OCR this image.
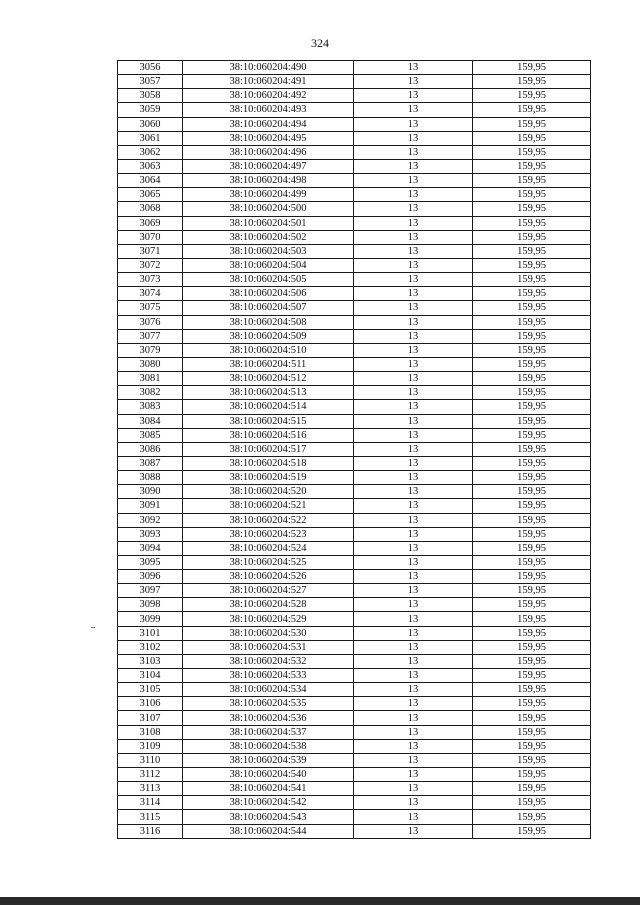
324
3056	38:10:060204:490	13	159,95
3057	38:10:060204:491	13	159,95
3058	38:10:060204:492	13	159,95
3059	38:10:060204:493	13	159,95
3060	38:10:060204:494	13	159,95
3061	38:10:060204:495	13	159,95
3062	38:10:060204:496	13	159,95
3063	38:10:060204:497	13	159,95
3064	38:10:060204:498	13	159,95
3065	38:10:060204:499	13	159,95
3068	38:10:060204:500	13	159,95
3069	38:10:060204:501	13	159,95
3070	38:10:060204:502	13	159,95
3071	38:10:060204:503	13	159,95
3072	38:10:060204:504	13	159,95
3073	38:10:060204:505	13	159,95
3074	38:10:060204:506	13	159,95
3075	38:10:060204:507	13	159,95
3076	38:10:060204:508	13	159,95
3077	38:10:060204:509	13	159,95
3079	38:10:060204:510	13	159,95
3080	38:10:060204:511	13	159,95
3081	38:10:060204:512	13	159,95
3082	38:10:060204:513	13	159,95
3083	38:10:060204:514	13	159,95
3084	38:10:060204:515	13	159,95
3085	38:10:060204:516	13	159,95
3086	38:10:060204:517	13	159,95
3087	38:10:060204:518	13	159,95
3088	38:10:060204:519	13	159,95
3090	38:10:060204:520	13	159,95
3091	38:10:060204:521	13	159,95
3092	38:10:060204:522	13	159,95
3093	38:10:060204:523	13	159,95
3094	38:10:060204:524	13	159,95
3095	38:10:060204:525	13	159,95
3096	38:10:060204:526	13	159,95
3097	38:10:060204:527	13	159,95
3098	38:10:060204:528	13	159,95
3099	38:10:060204:529	13	159,95
3101	38:10:060204:530	13	159,95
3102	38:10:060204:531	13	159,95
3103	38:10:060204:532	13	159,95
3104	38:10:060204:533	13	159,95
3105	38:10:060204:534	13	159,95
3106	38:10:060204:535	13	159,95
3107	38:10:060204:536	13	159,95
3108	38:10:060204:537	13	159,95
3109	38:10:060204:538	13	159,95
3110	38:10:060204:539	13	159,95
3112	38:10:060204:540	13	159,95
3113	38:10:060204:541	13	159,95
3114	38:10:060204:542	13	159,95
3115	38:10:060204:543	13	159,95
3116	38:10:060204:544	13	159,95
